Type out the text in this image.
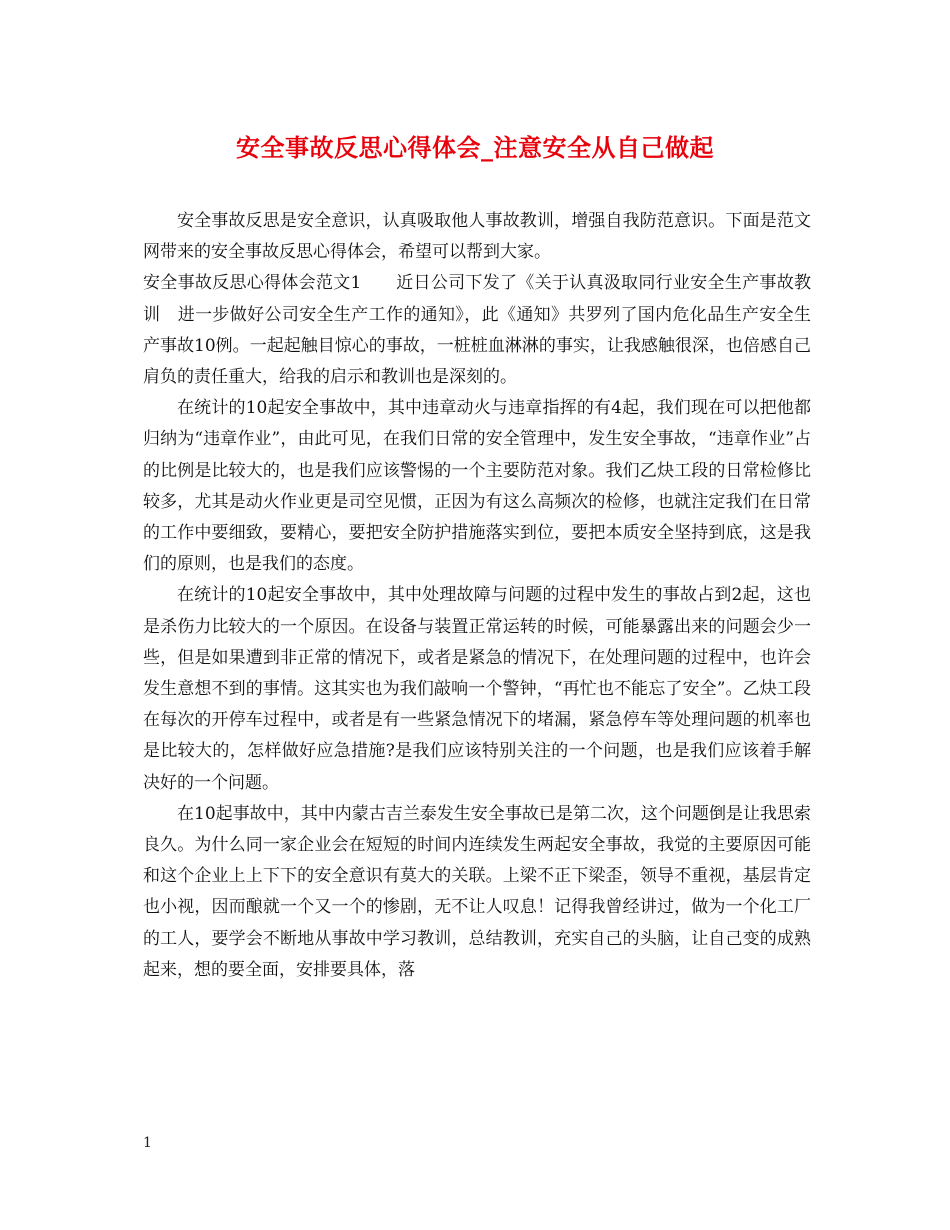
安全事故反思心得体会_注意安全从自己做起

安全事故反思是安全意识，认真吸取他人事故教训，增强自我防范意识。下面是范文网带来的安全事故反思心得体会，希望可以帮到大家。

安全事故反思心得体会范文1　　近日公司下发了《关于认真汲取同行业安全生产事故教训　进一步做好公司安全生产工作的通知》，此《通知》共罗列了国内危化品生产安全生产事故10例。一起起触目惊心的事故，一桩桩血淋淋的事实，让我感触很深，也倍感自己肩负的责任重大，给我的启示和教训也是深刻的。

在统计的10起安全事故中，其中违章动火与违章指挥的有4起，我们现在可以把他都归纳为“违章作业”，由此可见，在我们日常的安全管理中，发生安全事故，“违章作业”占的比例是比较大的，也是我们应该警惕的一个主要防范对象。我们乙炔工段的日常检修比较多，尤其是动火作业更是司空见惯，正因为有这么高频次的检修，也就注定我们在日常的工作中要细致，要精心，要把安全防护措施落实到位，要把本质安全坚持到底，这是我们的原则，也是我们的态度。

在统计的10起安全事故中，其中处理故障与问题的过程中发生的事故占到2起，这也是杀伤力比较大的一个原因。在设备与装置正常运转的时候，可能暴露出来的问题会少一些，但是如果遭到非正常的情况下，或者是紧急的情况下，在处理问题的过程中，也许会发生意想不到的事情。这其实也为我们敲响一个警钟，“再忙也不能忘了安全”。乙炔工段在每次的开停车过程中，或者是有一些紧急情况下的堵漏，紧急停车等处理问题的机率也是比较大的，怎样做好应急措施?是我们应该特别关注的一个问题，也是我们应该着手解决好的一个问题。

在10起事故中，其中内蒙古吉兰泰发生安全事故已是第二次，这个问题倒是让我思索良久。为什么同一家企业会在短短的时间内连续发生两起安全事故，我觉的主要原因可能和这个企业上上下下的安全意识有莫大的关联。上梁不正下梁歪，领导不重视，基层肯定也小视，因而酿就一个又一个的惨剧，无不让人叹息！记得我曾经讲过，做为一个化工厂的工人，要学会不断地从事故中学习教训，总结教训，充实自己的头脑，让自己变的成熟起来，想的要全面，安排要具体，落

1
